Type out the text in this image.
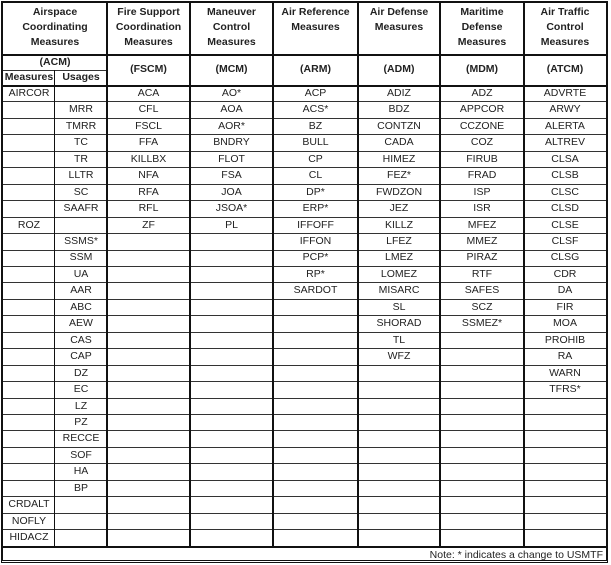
Airspace
Coordinating
Measures
(ACM)
Measures Usages
Fire Support
Coordination
Measures
(FSCM)
Maneuver
Control
Measures
(MCM)
Air Reference
Measures
(ARM)
Air Defense
Measures
(ADM)
Maritime
Defense
Measures
(MDM)
Air Traffic
Control
Measures
(ATCM)
AIRCOR
ROZ
CRDALT
NOFLY
HIDACZ
MRR
TMRR
TC
TR
LLTR
SC
SAAFR
SSMS*
SSM
UA
AAR
ABC
AEW
CAS
CAP
DZ
EC
LZ
PZ
RECCE
SOF
HA
BP
ACA
CFL
FSCL
FFA
KILLBX
NFA
RFA
RFL
ZF
AO*
AOA
AOR*
BNDRY
FLOT
FSA
JOA
JSOA*
PL
ACP
ACS*
BZ
BULL
CP
CL
DP*
ERP*
IFFOFF
IFFON
PCP*
RP*
SARDOT
ADIZ
BDZ
CONTZN
CADA
HIMEZ
FEZ*
FWDZON
JEZ
KILLZ
LFEZ
LMEZ
LOMEZ
MISARC
SL
SHORAD
TL
WFZ
ADZ
APPCOR
CCZONE
COZ
FIRUB
FRAD
ISP
ISR
MFEZ
MMEZ
PIRAZ
RTF
SAFES
SCZ
SSMEZ*
ADVRTE
ARWY
ALERTA
ALTREV
CLSA
CLSB
CLSC
CLSD
CLSE
CLSF
CLSG
CDR
DA
FIR
MOA
PROHIB
RA
WARN
TFRS*
Note: * indicates a change to USMTF
